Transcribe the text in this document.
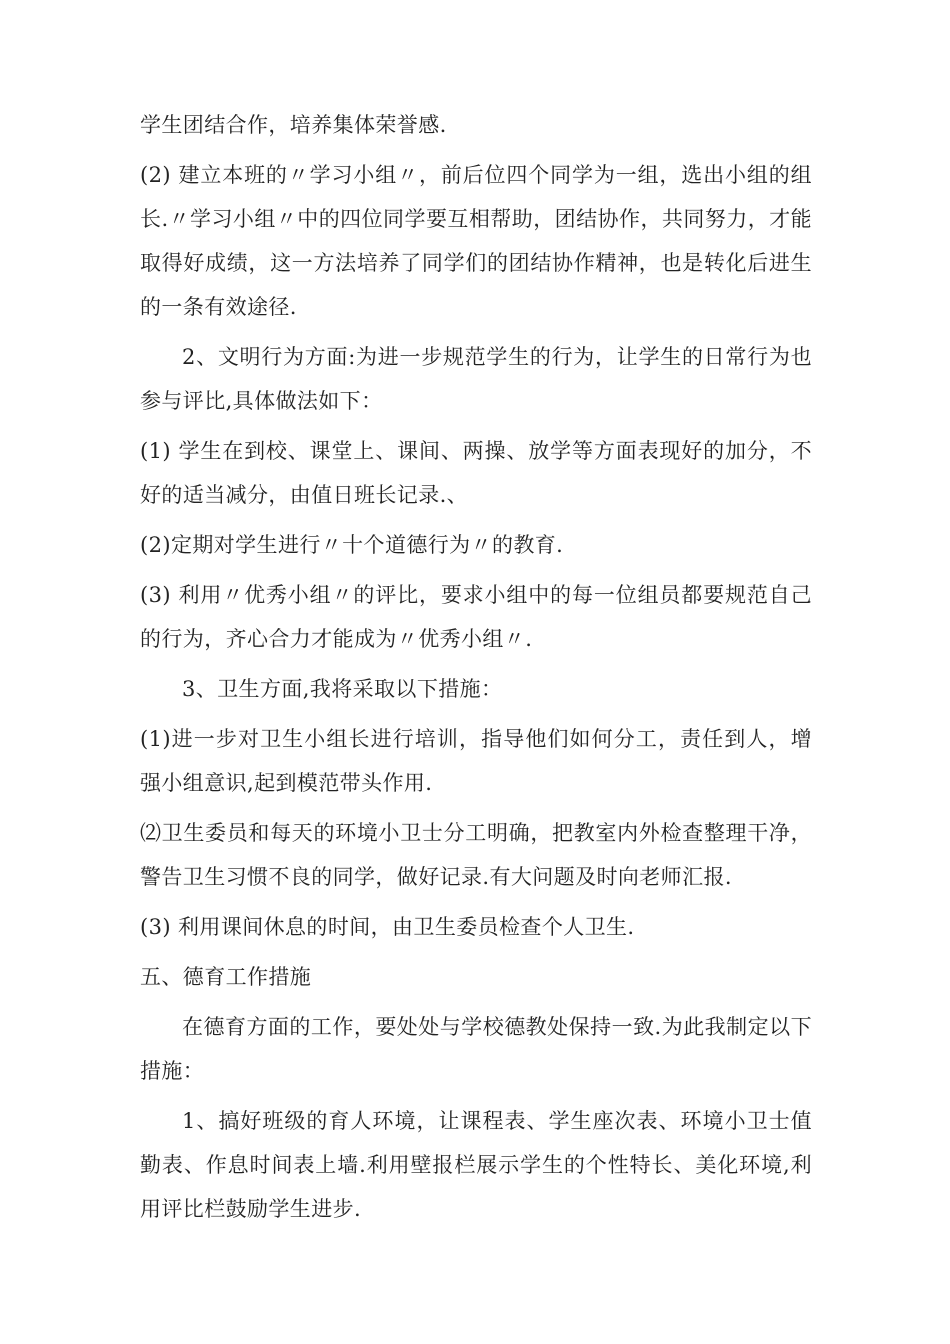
学生团结合作，培养集体荣誉感.

(2) 建立本班的〃学习小组〃，前后位四个同学为一组，选出小组的组长.〃学习小组〃中的四位同学要互相帮助，团结协作，共同努力，才能取得好成绩，这一方法培养了同学们的团结协作精神，也是转化后进生的一条有效途径.

2、文明行为方面:为进一步规范学生的行为，让学生的日常行为也参与评比,具体做法如下：

(1) 学生在到校、课堂上、课间、两操、放学等方面表现好的加分，不好的适当减分，由值日班长记录.、

(2)定期对学生进行〃十个道德行为〃的教育.

(3) 利用〃优秀小组〃的评比，要求小组中的每一位组员都要规范自己的行为，齐心合力才能成为〃优秀小组〃.

3、卫生方面,我将采取以下措施：

(1)进一步对卫生小组长进行培训，指导他们如何分工，责任到人，增强小组意识,起到模范带头作用.

⑵卫生委员和每天的环境小卫士分工明确，把教室内外检查整理干净，警告卫生习惯不良的同学，做好记录.有大问题及时向老师汇报.

(3) 利用课间休息的时间，由卫生委员检查个人卫生.

五、德育工作措施

在德育方面的工作，要处处与学校德教处保持一致.为此我制定以下措施：

1、搞好班级的育人环境，让课程表、学生座次表、环境小卫士值勤表、作息时间表上墙.利用壁报栏展示学生的个性特长、美化环境,利用评比栏鼓励学生进步.
